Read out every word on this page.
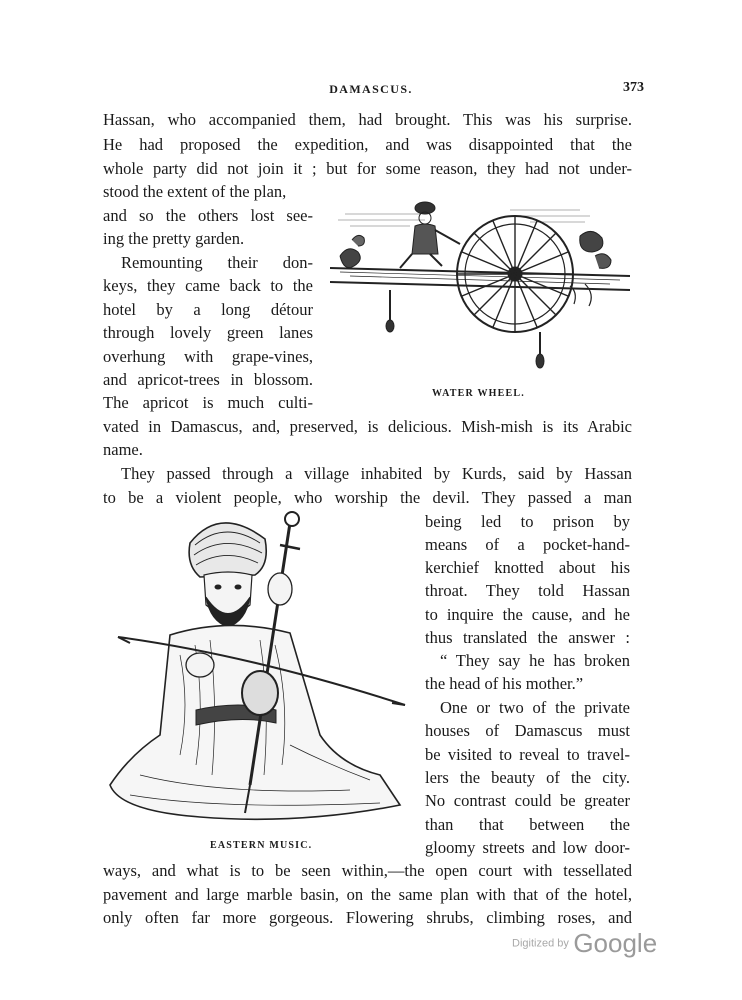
DAMASCUS.	373
Hassan, who accompanied them, had brought. This was his surprise.
He had proposed the expedition, and was disappointed that the
whole party did not join it ; but for some reason, they had not under-
stood the extent of the plan,
and so the others lost see-
ing the pretty garden.
Remounting their don-
keys, they came back to the
hotel by a long détour
through lovely green lanes
overhung with grape-vines,
and apricot-trees in blossom.
The apricot is much culti-
vated in Damascus, and, preserved, is delicious. Mish-mish is its Arabic
name.
They passed through a village inhabited by Kurds, said by Hassan
to be a violent people, who worship the devil. They passed a man
being led to prison by
means of a pocket-hand-
kerchief knotted about his
throat. They told Hassan
to inquire the cause, and he
thus translated the answer :
“ They say he has broken
the head of his mother.”
One or two of the private
houses of Damascus must
be visited to reveal to travel-
lers the beauty of the city.
No contrast could be greater
than that between the
gloomy streets and low door-
ways, and what is to be seen within,—the open court with tessellated
pavement and large marble basin, on the same plan with that of the hotel,
only often far more gorgeous. Flowering shrubs, climbing roses, and
WATER WHEEL.
EASTERN MUSIC.
Digitized by Google
